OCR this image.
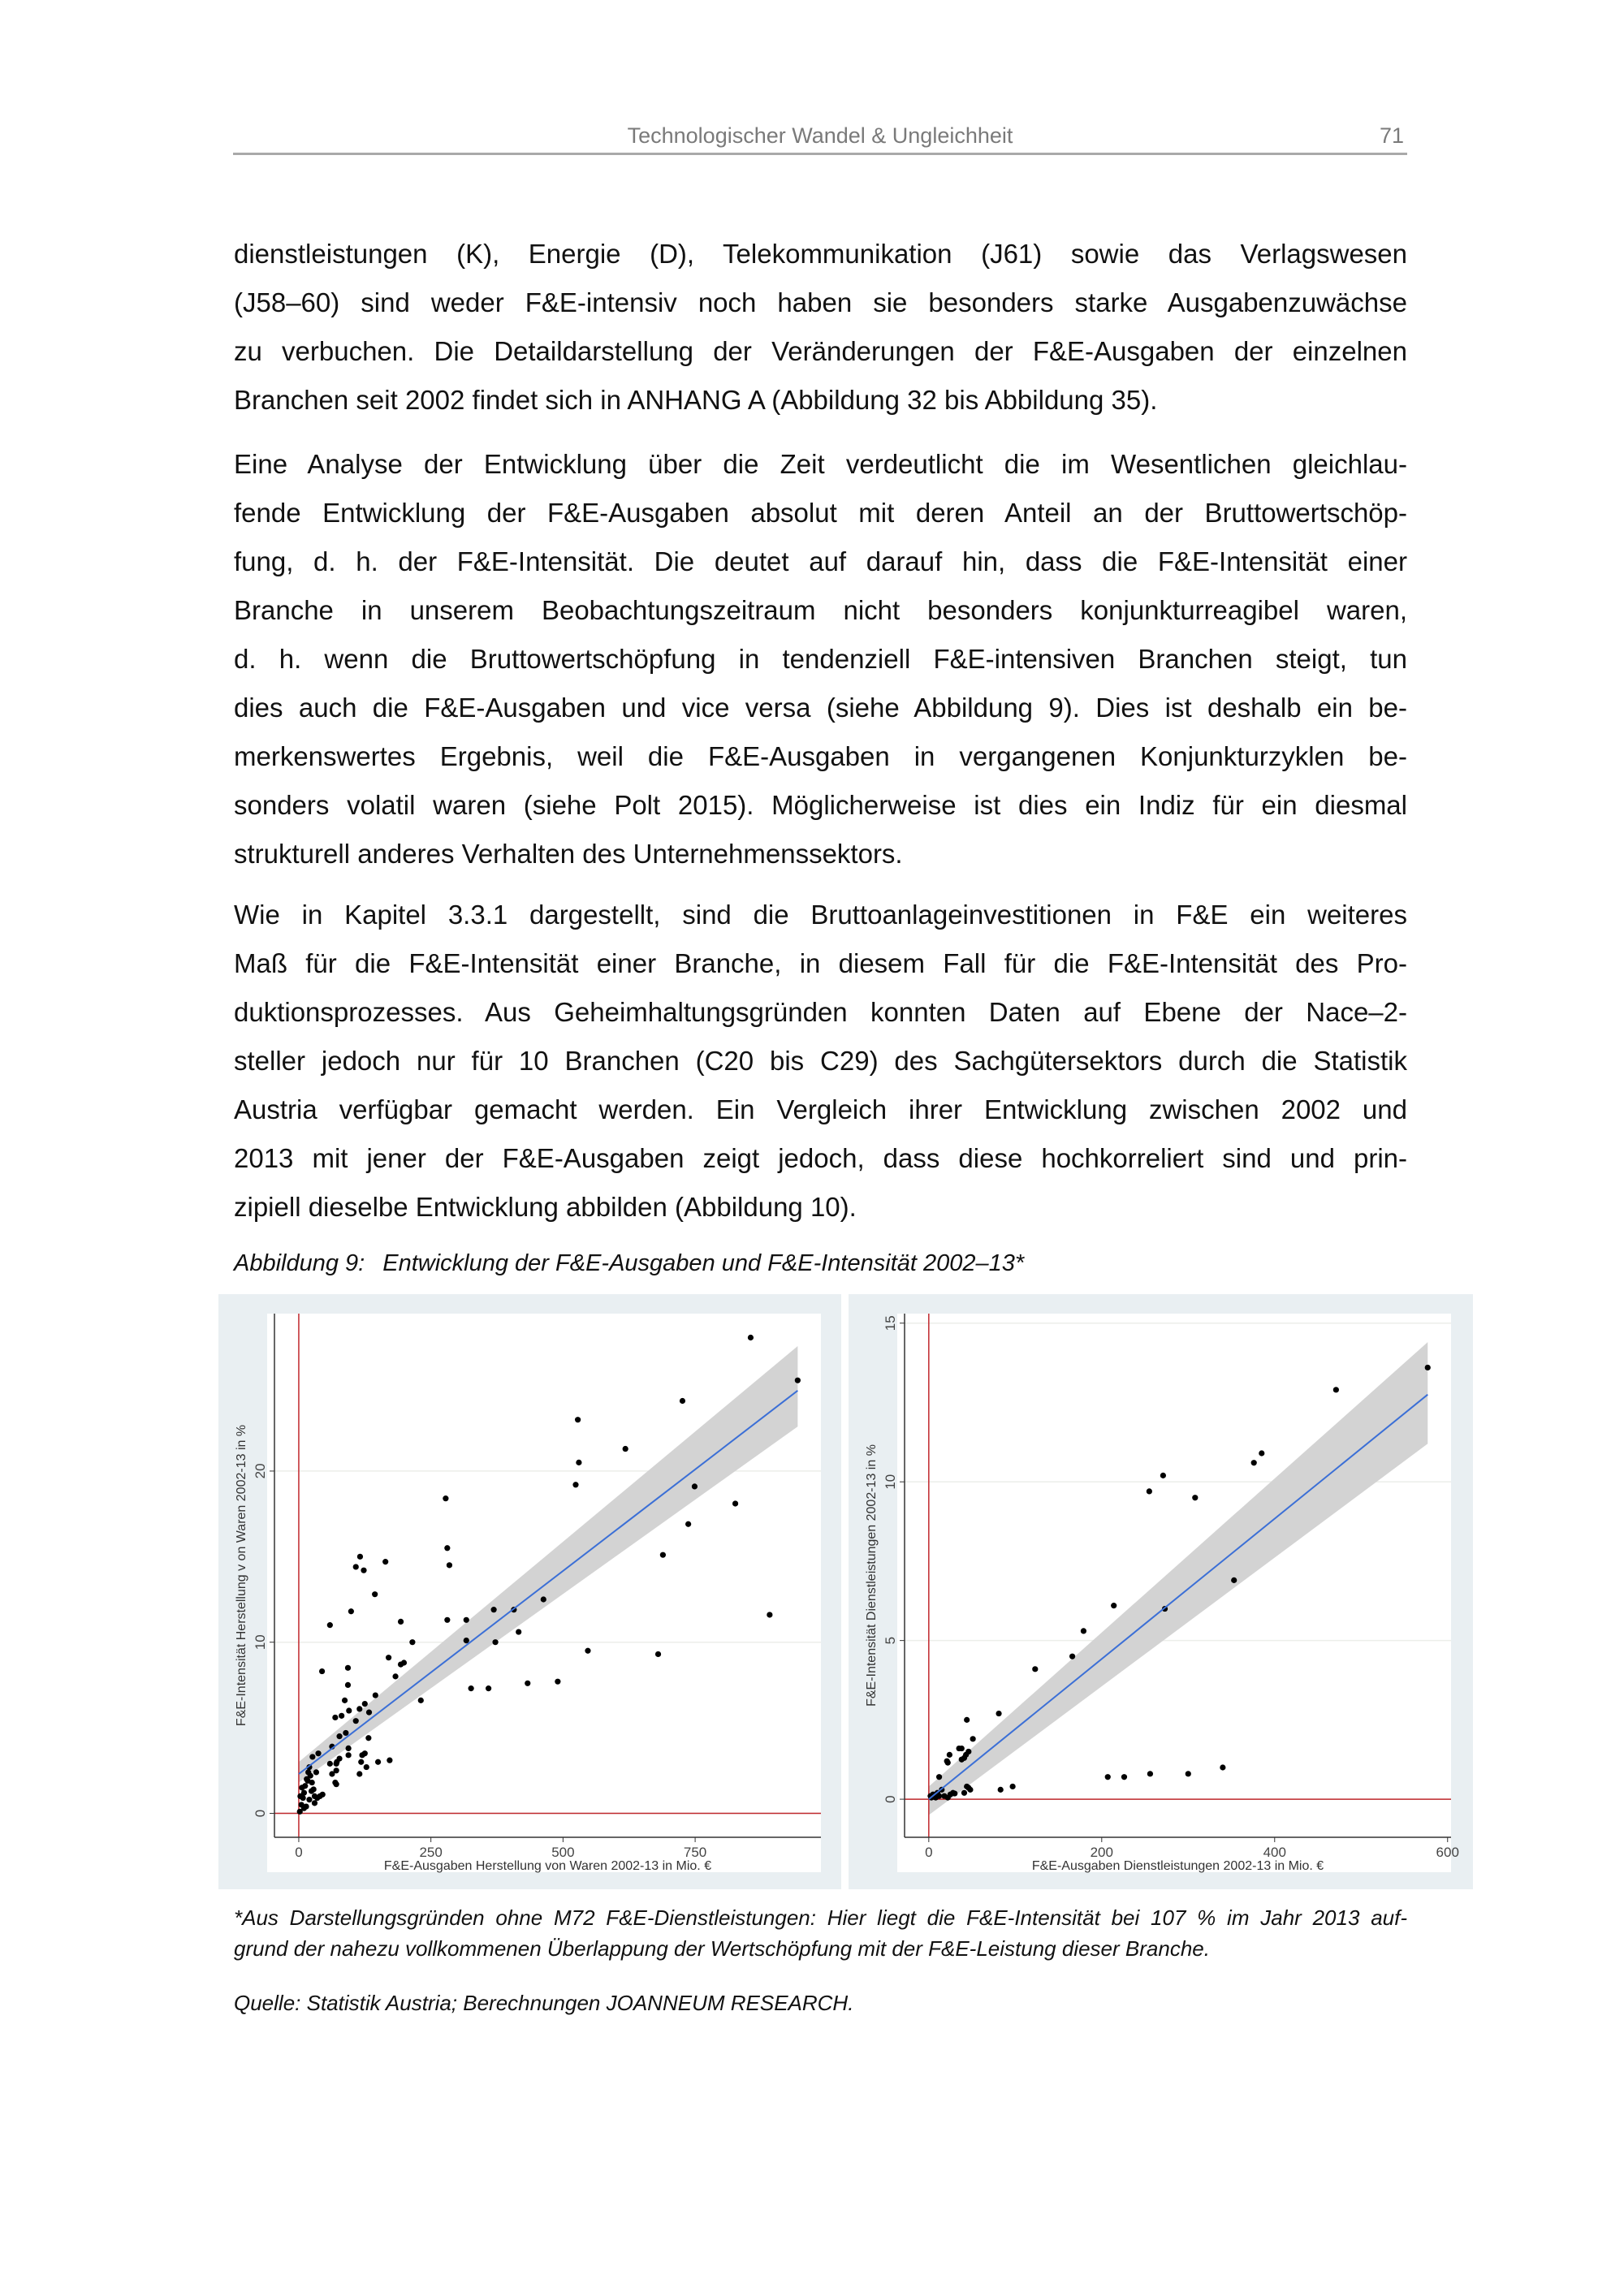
Technologischer Wandel & Ungleichheit	71
dienstleistungen (K), Energie (D), Telekommunikation (J61) sowie das Verlagswesen
(J58–60) sind weder F&E-intensiv noch haben sie besonders starke Ausgabenzuwächse
zu verbuchen. Die Detaildarstellung der Veränderungen der F&E-Ausgaben der einzelnen
Branchen seit 2002 findet sich in ANHANG A (Abbildung 32 bis Abbildung 35).
Eine Analyse der Entwicklung über die Zeit verdeutlicht die im Wesentlichen gleichlau-
fende Entwicklung der F&E-Ausgaben absolut mit deren Anteil an der Bruttowertschöp-
fung, d. h. der F&E-Intensität. Die deutet auf darauf hin, dass die F&E-Intensität einer
Branche in unserem Beobachtungszeitraum nicht besonders konjunkturreagibel waren,
d. h. wenn die Bruttowertschöpfung in tendenziell F&E-intensiven Branchen steigt, tun
dies auch die F&E-Ausgaben und vice versa (siehe Abbildung 9). Dies ist deshalb ein be-
merkenswertes Ergebnis, weil die F&E-Ausgaben in vergangenen Konjunkturzyklen be-
sonders volatil waren (siehe Polt 2015). Möglicherweise ist dies ein Indiz für ein diesmal
strukturell anderes Verhalten des Unternehmenssektors.
Wie in Kapitel 3.3.1 dargestellt, sind die Bruttoanlageinvestitionen in F&E ein weiteres
Maß für die F&E-Intensität einer Branche, in diesem Fall für die F&E-Intensität des Pro-
duktionsprozesses. Aus Geheimhaltungsgründen konnten Daten auf Ebene der Nace–2-
steller jedoch nur für 10 Branchen (C20 bis C29) des Sachgütersektors durch die Statistik
Austria verfügbar gemacht werden. Ein Vergleich ihrer Entwicklung zwischen 2002 und
2013 mit jener der F&E-Ausgaben zeigt jedoch, dass diese hochkorreliert sind und prin-
zipiell dieselbe Entwicklung abbilden (Abbildung 10).
Abbildung 9: Entwicklung der F&E-Ausgaben und F&E-Intensität 2002–13*
0
10
20
0	250	500	750
F&E-Intensität Herstellung v on Waren 2002-13 in %
F&E-Ausgaben Herstellung von Waren 2002-13 in Mio. €
0
5
10
15
0	200	400	600
F&E-Intensität Dienstleistungen 2002-13 in %
F&E-Ausgaben Dienstleistungen 2002-13 in Mio. €
*Aus Darstellungsgründen ohne M72 F&E-Dienstleistungen: Hier liegt die F&E-Intensität bei 107 % im Jahr 2013 auf-
grund der nahezu vollkommenen Überlappung der Wertschöpfung mit der F&E-Leistung dieser Branche.
Quelle: Statistik Austria; Berechnungen JOANNEUM RESEARCH.
